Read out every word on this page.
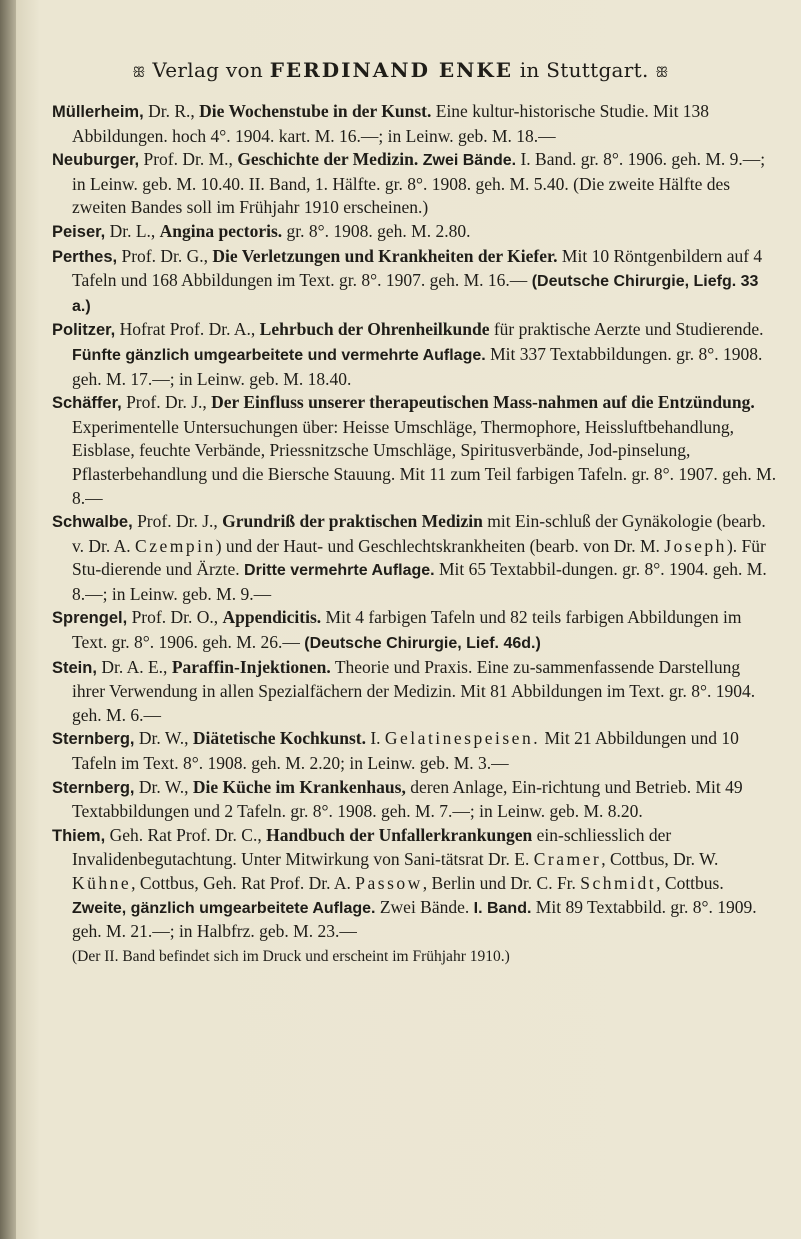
ꕥ Verlag von FERDINAND ENKE in Stuttgart. ꕥ

Müllerheim, Dr. R., Die Wochenstube in der Kunst. Eine kultur-historische Studie. Mit 138 Abbildungen. hoch 4°. 1904. kart. M. 16.—; in Leinw. geb. M. 18.—

Neuburger, Prof. Dr. M., Geschichte der Medizin. Zwei Bände. I. Band. gr. 8°. 1906. geh. M. 9.—; in Leinw. geb. M. 10.40. II. Band, 1. Hälfte. gr. 8°. 1908. geh. M. 5.40. (Die zweite Hälfte des zweiten Bandes soll im Frühjahr 1910 erscheinen.)

Peiser, Dr. L., Angina pectoris. gr. 8°. 1908. geh. M. 2.80.

Perthes, Prof. Dr. G., Die Verletzungen und Krankheiten der Kiefer. Mit 10 Röntgenbildern auf 4 Tafeln und 168 Abbildungen im Text. gr. 8°. 1907. geh. M. 16.— (Deutsche Chirurgie, Liefg. 33 a.)

Politzer, Hofrat Prof. Dr. A., Lehrbuch der Ohrenheilkunde für praktische Aerzte und Studierende. Fünfte gänzlich umgearbeitete und vermehrte Auflage. Mit 337 Textabbildungen. gr. 8°. 1908. geh. M. 17.—; in Leinw. geb. M. 18.40.

Schäffer, Prof. Dr. J., Der Einfluss unserer therapeutischen Mass-nahmen auf die Entzündung. Experimentelle Untersuchungen über: Heisse Umschläge, Thermophore, Heissluftbehandlung, Eisblase, feuchte Verbände, Priessnitzsche Umschläge, Spiritusverbände, Jod-pinselung, Pflasterbehandlung und die Biersche Stauung. Mit 11 zum Teil farbigen Tafeln. gr. 8°. 1907. geh. M. 8.—

Schwalbe, Prof. Dr. J., Grundriß der praktischen Medizin mit Ein-schluß der Gynäkologie (bearb. v. Dr. A. Czempin) und der Haut- und Geschlechtskrankheiten (bearb. von Dr. M. Joseph). Für Stu-dierende und Ärzte. Dritte vermehrte Auflage. Mit 65 Textabbil-dungen. gr. 8°. 1904. geh. M. 8.—; in Leinw. geb. M. 9.—

Sprengel, Prof. Dr. O., Appendicitis. Mit 4 farbigen Tafeln und 82 teils farbigen Abbildungen im Text. gr. 8°. 1906. geh. M. 26.— (Deutsche Chirurgie, Lief. 46d.)

Stein, Dr. A. E., Paraffin-Injektionen. Theorie und Praxis. Eine zu-sammenfassende Darstellung ihrer Verwendung in allen Spezialfächern der Medizin. Mit 81 Abbildungen im Text. gr. 8°. 1904. geh. M. 6.—

Sternberg, Dr. W., Diätetische Kochkunst. I. Gelatinespeisen. Mit 21 Abbildungen und 10 Tafeln im Text. 8°. 1908. geh. M. 2.20; in Leinw. geb. M. 3.—

Sternberg, Dr. W., Die Küche im Krankenhaus, deren Anlage, Ein-richtung und Betrieb. Mit 49 Textabbildungen und 2 Tafeln. gr. 8°. 1908. geh. M. 7.—; in Leinw. geb. M. 8.20.

Thiem, Geh. Rat Prof. Dr. C., Handbuch der Unfallerkrankungen ein-schliesslich der Invalidenbegutachtung. Unter Mitwirkung von Sani-tätsrat Dr. E. Cramer, Cottbus, Dr. W. Kühne, Cottbus, Geh. Rat Prof. Dr. A. Passow, Berlin und Dr. C. Fr. Schmidt, Cottbus. Zweite, gänzlich umgearbeitete Auflage. Zwei Bände. I. Band. Mit 89 Textabbild. gr. 8°. 1909. geh. M. 21.—; in Halbfrz. geb. M. 23.—
(Der II. Band befindet sich im Druck und erscheint im Frühjahr 1910.)
